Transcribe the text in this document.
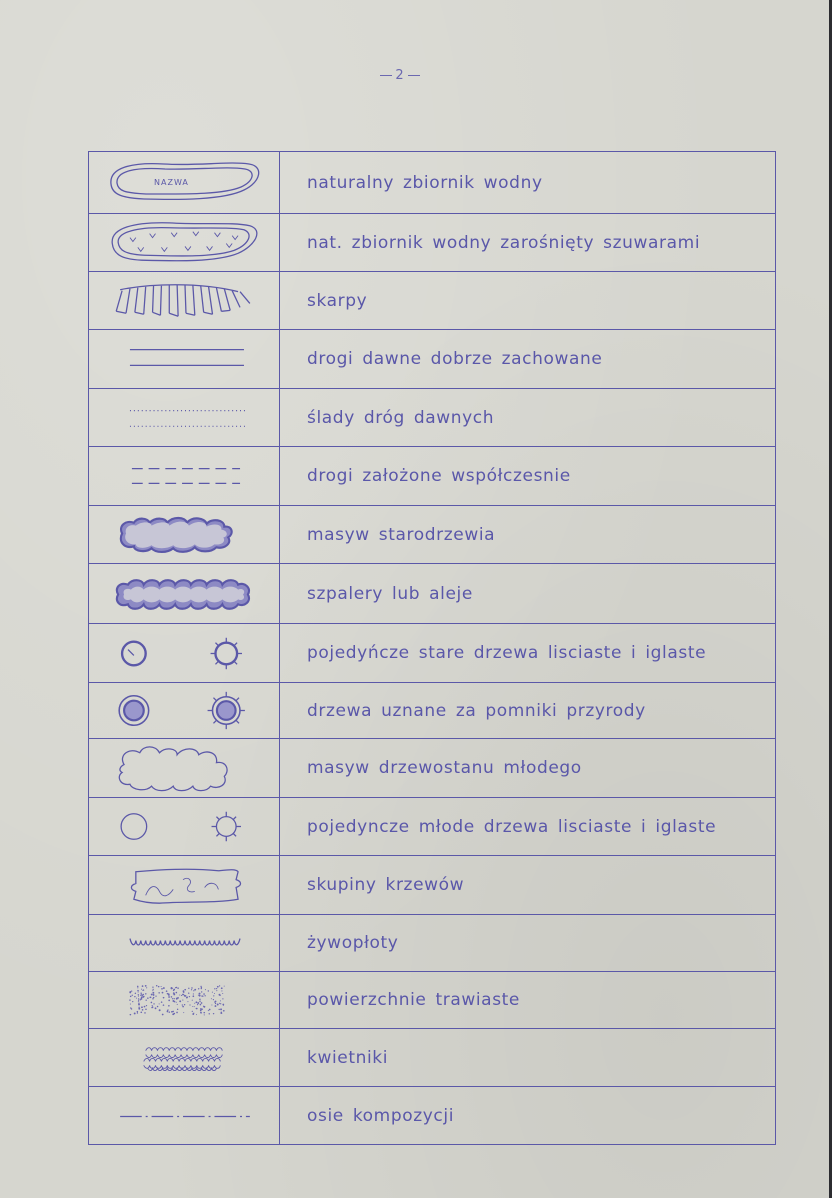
2
NAZWA	naturalny zbiornik wodny
nat. zbiornik wodny zarośnięty szuwarami
skarpy
drogi dawne dobrze zachowane
ślady dróg dawnych
drogi założone współczesnie
masyw starodrzewia
szpalery lub aleje
pojedyńcze stare drzewa lisciaste i iglaste
drzewa uznane za pomniki przyrody
masyw drzewostanu młodego
pojedyncze młode drzewa lisciaste i iglaste
skupiny krzewów
żywopłoty
powierzchnie trawiaste
kwietniki
osie kompozycji
